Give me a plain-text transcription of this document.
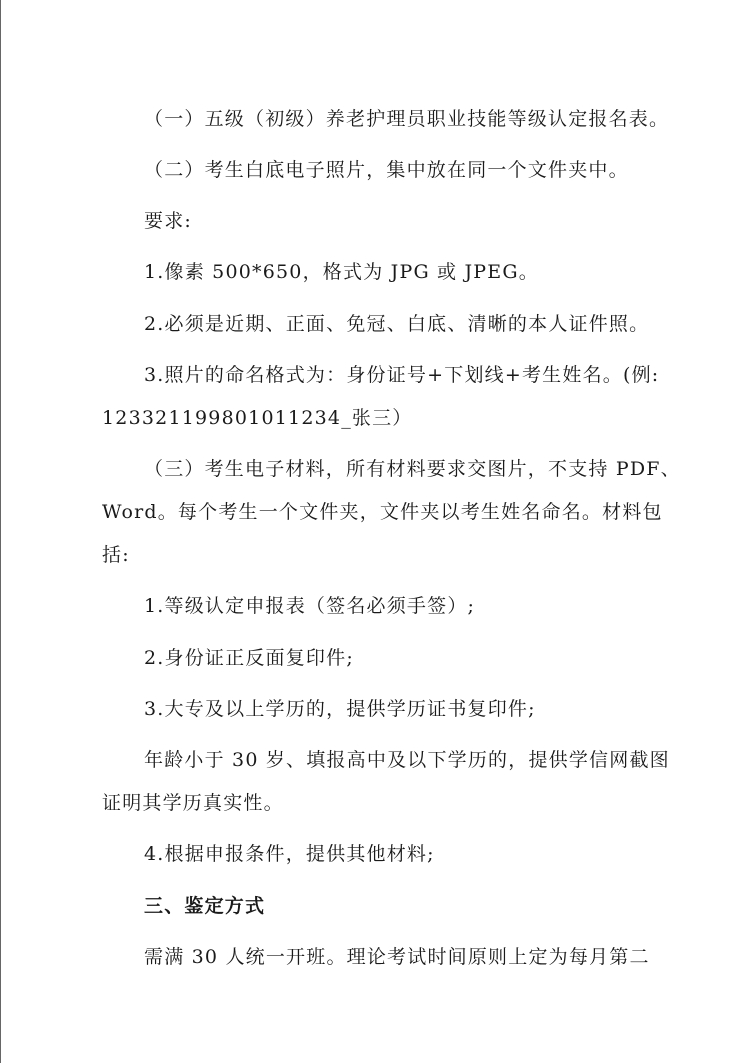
（一）五级（初级）养老护理员职业技能等级认定报名表。
（二）考生白底电子照片，集中放在同一个文件夹中。
要求:
1.像素 500*650，格式为 JPG 或 JPEG。
2.必须是近期、正面、免冠、白底、清晰的本人证件照。
3.照片的命名格式为：身份证号+下划线+考生姓名。(例:
123321199801011234_张三）
（三）考生电子材料，所有材料要求交图片，不支持 PDF、
Word。每个考生一个文件夹，文件夹以考生姓名命名。材料包
括:
1.等级认定申报表（签名必须手签）;
2.身份证正反面复印件;
3.大专及以上学历的，提供学历证书复印件;
年龄小于 30 岁、填报高中及以下学历的，提供学信网截图
证明其学历真实性。
4.根据申报条件，提供其他材料;
三、鉴定方式
需满 30 人统一开班。理论考试时间原则上定为每月第二
